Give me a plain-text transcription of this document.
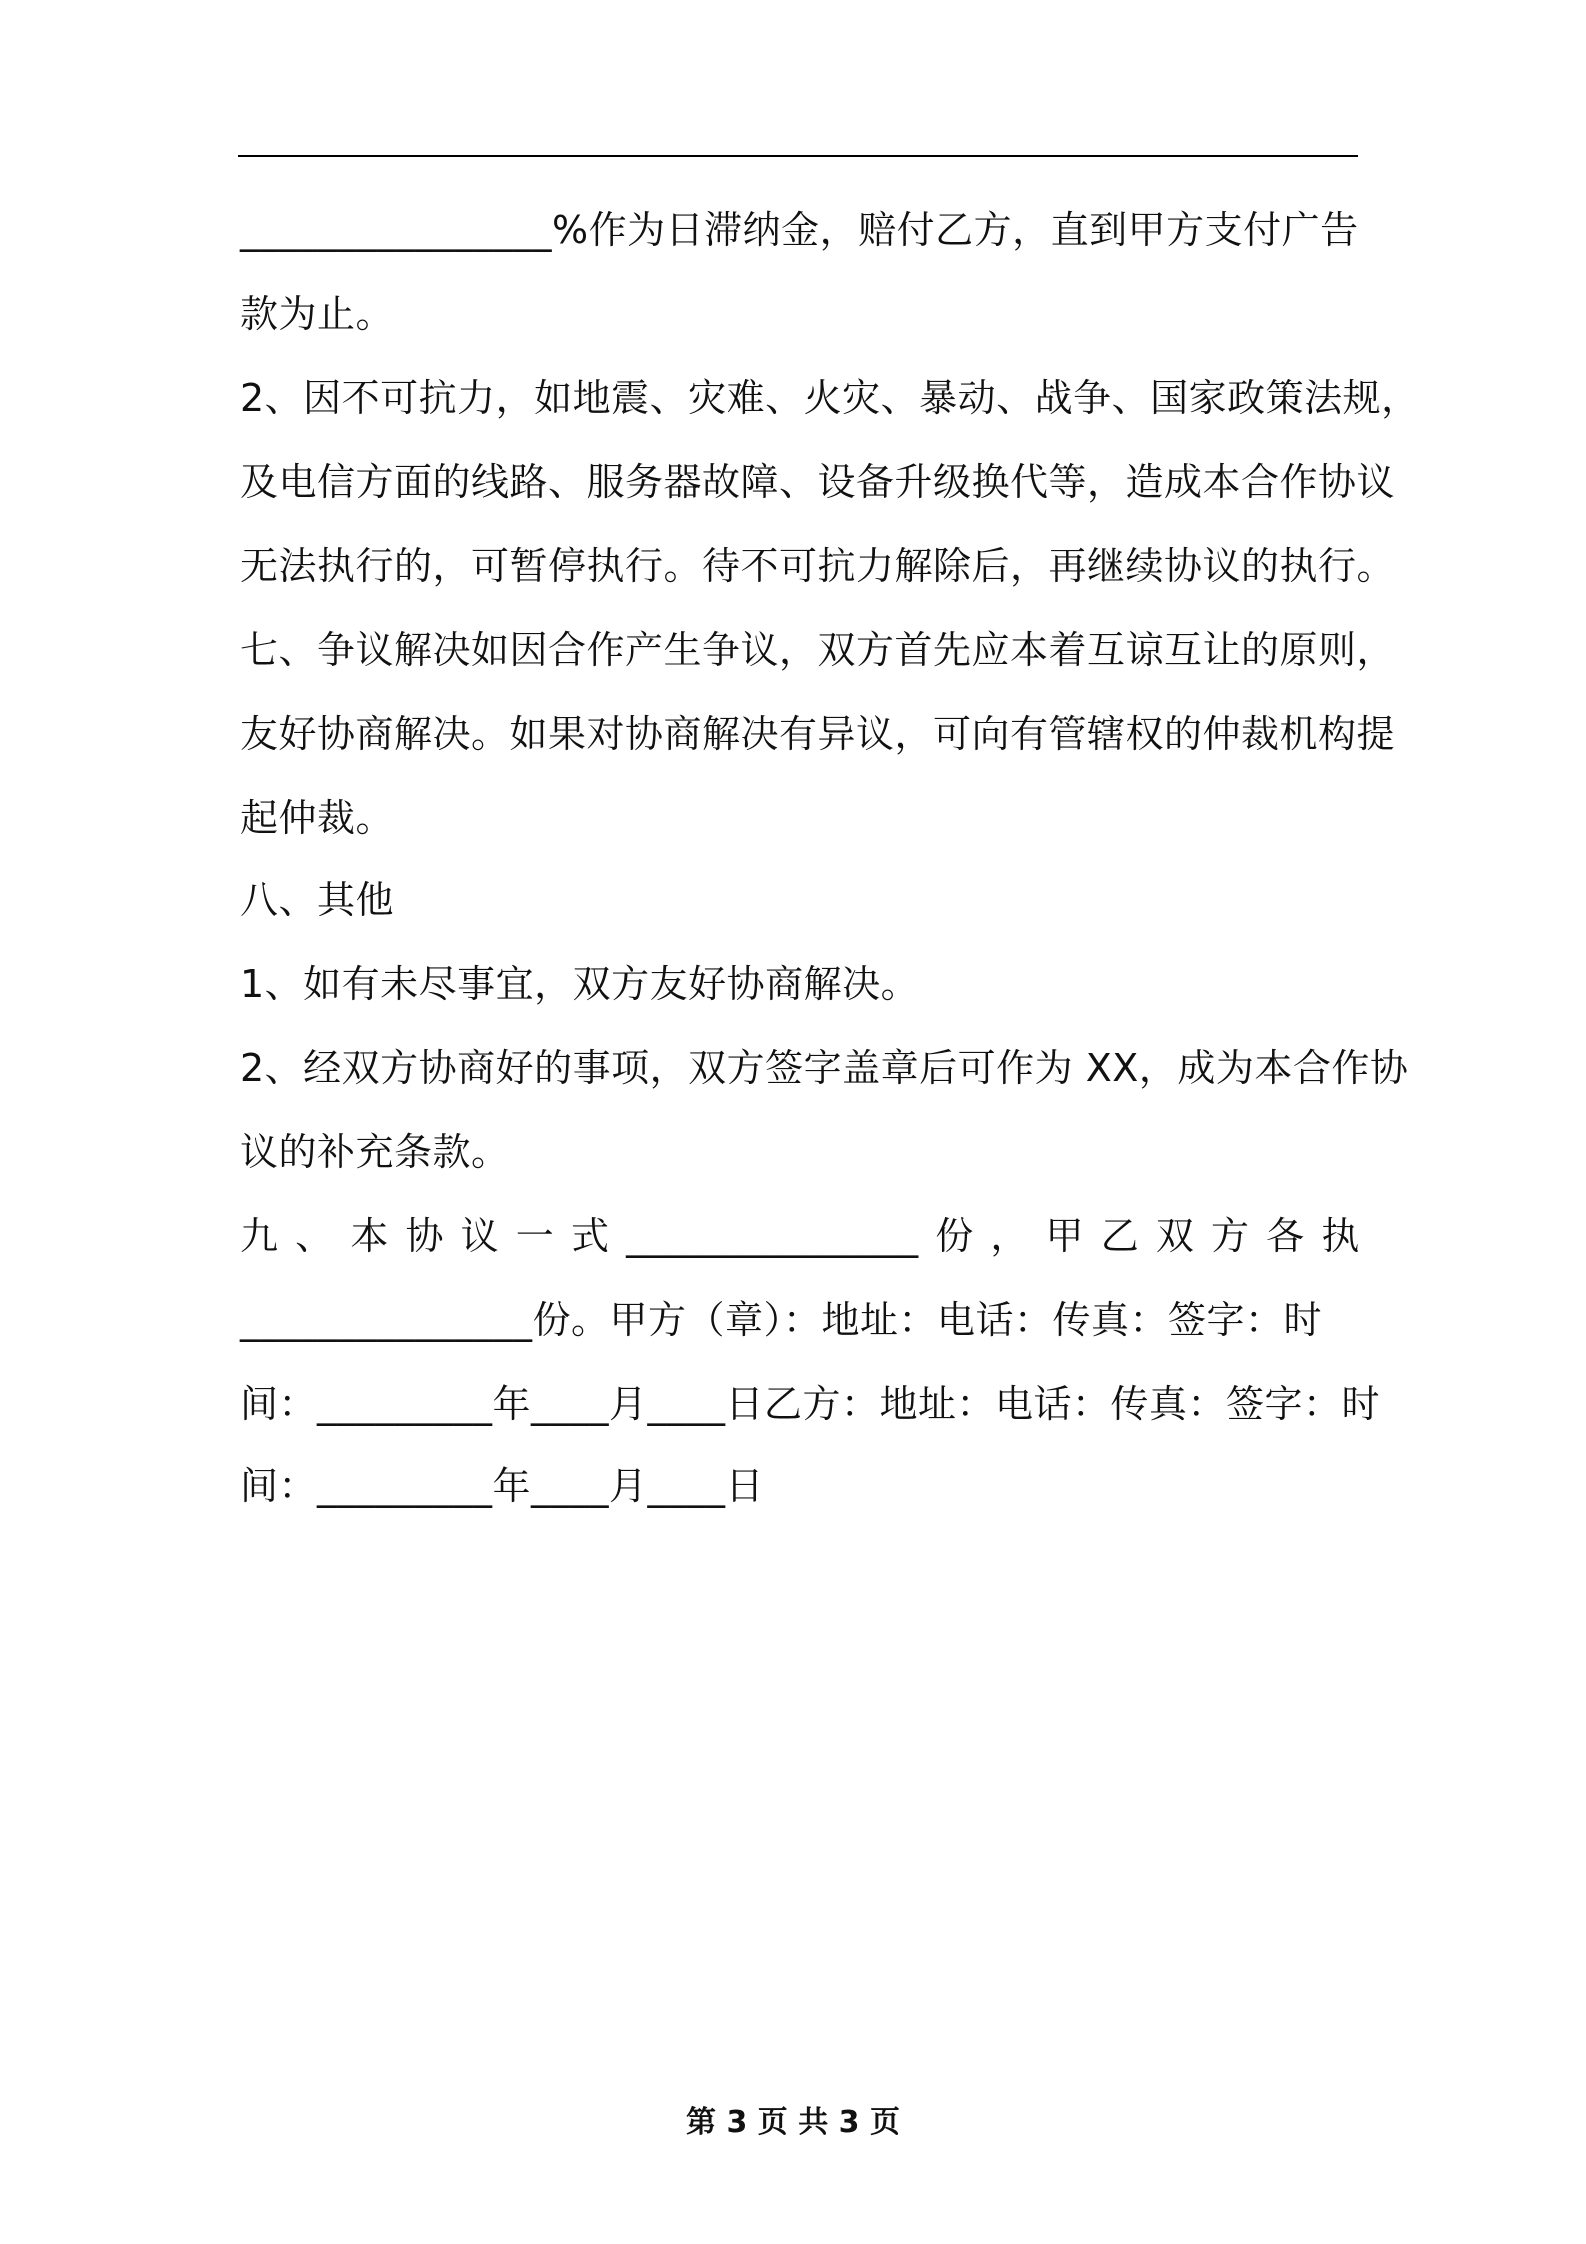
________________%作为日滞纳金，赔付乙方，直到甲方支付广告
款为止。
2、因不可抗力，如地震、灾难、火灾、暴动、战争、国家政策法规，
及电信方面的线路、服务器故障、设备升级换代等，造成本合作协议
无法执行的，可暂停执行。待不可抗力解除后，再继续协议的执行。
七、争议解决如因合作产生争议，双方首先应本着互谅互让的原则，
友好协商解决。如果对协商解决有异议，可向有管辖权的仲裁机构提
起仲裁。
八、其他
1、如有未尽事宜，双方友好协商解决。
2、经双方协商好的事项，双方签字盖章后可作为 XX，成为本合作协
议的补充条款。
九 、 本 协 议 一 式 _______________ 份 ， 甲 乙 双 方 各 执
_______________份。甲方（章）：地址：电话：传真：签字：时
间：_________年____月____日乙方：地址：电话：传真：签字：时
间：_________年____月____日
第 3 页 共 3 页
